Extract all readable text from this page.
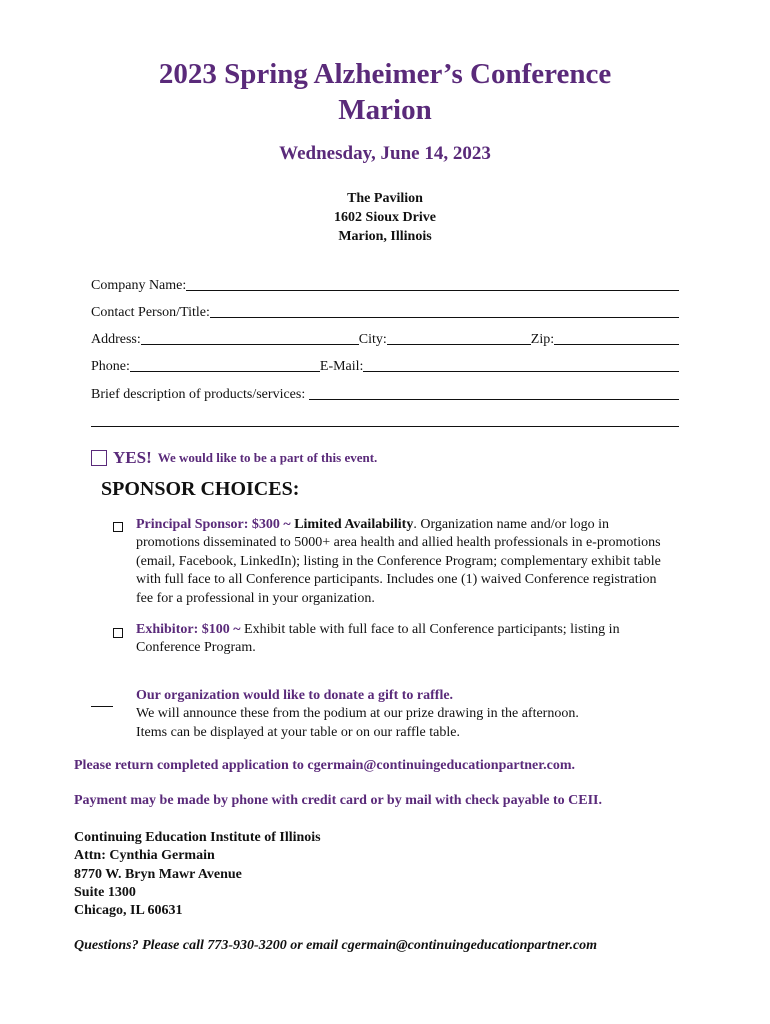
2023 Spring Alzheimer’s Conference
Marion
Wednesday, June 14, 2023
The Pavilion
1602 Sioux Drive
Marion, Illinois
Company Name:
Contact Person/Title:
Address:	City:	Zip:
Phone:	E-Mail:
Brief description of products/services:
YES! We would like to be a part of this event.
SPONSOR CHOICES:
Principal Sponsor: $300 ~ Limited Availability. Organization name and/or logo in promotions disseminated to 5000+ area health and allied health professionals in e-promotions (email, Facebook, LinkedIn); listing in the Conference Program; complementary exhibit table with full face to all Conference participants. Includes one (1) waived Conference registration fee for a professional in your organization.
Exhibitor: $100 ~ Exhibit table with full face to all Conference participants; listing in Conference Program.
Our organization would like to donate a gift to raffle.
We will announce these from the podium at our prize drawing in the afternoon.
Items can be displayed at your table or on our raffle table.
Please return completed application to cgermain@continuingeducationpartner.com.
Payment may be made by phone with credit card or by mail with check payable to CEII.
Continuing Education Institute of Illinois
Attn: Cynthia Germain
8770 W. Bryn Mawr Avenue
Suite 1300
Chicago, IL 60631
Questions? Please call 773-930-3200 or email cgermain@continuingeducationpartner.com
